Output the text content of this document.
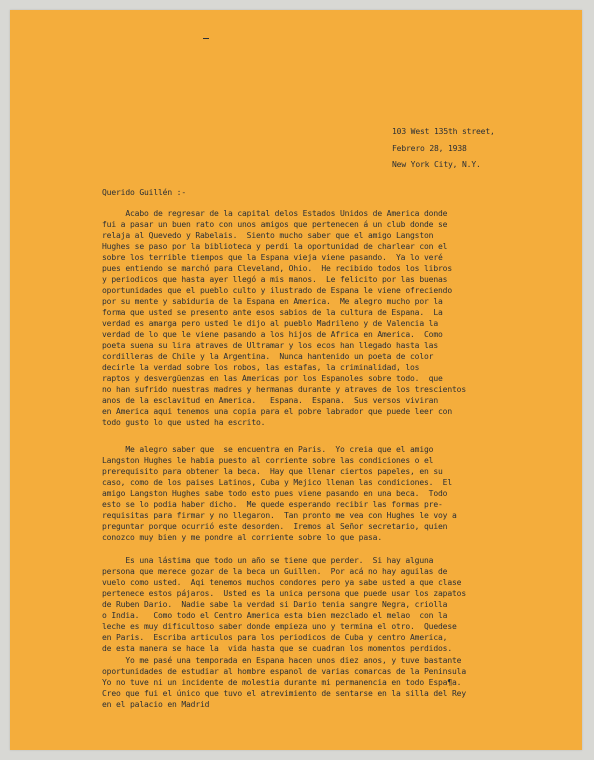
103 West 135th street,

New York City, N.Y.

Febrero 28, 1938
Querido Guillén :-
Acabo de regresar de la capital delos Estados Unidos de America donde
fui a pasar un buen rato con unos amigos que pertenecen á un club donde se
relaja al Quevedo y Rabelais.  Siento mucho saber que el amigo Langston
Hughes se paso por la biblioteca y perdi la oportunidad de charlear con el
sobre los terrible tiempos que la Espana vieja viene pasando.  Ya lo veré
pues entiendo se marchó para Cleveland, Ohio.  He recibido todos los libros
y periodicos que hasta ayer llegó a mis manos.  Le felicito por las buenas
oportunidades que el pueblo culto y ilustrado de Espana le viene ofreciendo
por su mente y sabiduria de la Espana en America.  Me alegro mucho por la
forma que usted se presento ante esos sabios de la cultura de Espana.  La
verdad es amarga pero usted le dijo al pueblo Madrileno y de Valencia la
verdad de lo que le viene pasando a los hijos de Africa en America.  Como
poeta suena su lira atraves de Ultramar y los ecos han llegado hasta las
cordilleras de Chile y la Argentina.  Nunca hantenido un poeta de color
decirle la verdad sobre los robos, las estafas, la criminalidad, los
raptos y desvergüenzas en las Americas por los Espanoles sobre todo.  que
no han sufrido nuestras madres y hermanas durante y atraves de los trescientos
anos de la esclavitud en America.   Espana.  Espana.  Sus versos viviran
en America aqui tenemos una copia para el pobre labrador que puede leer con
todo gusto lo que usted ha escrito.
Me alegro saber que  se encuentra en Paris.  Yo creia que el amigo
Langston Hughes le habia puesto al corriente sobre las condiciones o el
prerequisito para obtener la beca.  Hay que llenar ciertos papeles, en su
caso, como de los paises Latinos, Cuba y Mejico llenan las condiciones.  El
amigo Langston Hughes sabe todo esto pues viene pasando en una beca.  Todo
esto se lo podia haber dicho.  Me quede esperando recibir las formas pre-
requisitas para firmar y no llegaron.  Tan pronto me vea con Hughes le voy a
preguntar porque ocurrió este desorden.  Iremos al Señor secretario, quien
conozco muy bien y me pondre al corriente sobre lo que pasa.
Es una lástima que todo un año se tiene que perder.  Si hay alguna
persona que merece gozar de la beca un Guillen.  Por acá no hay aguilas de
vuelo como usted.  Aqi tenemos muchos condores pero ya sabe usted a que clase
pertenece estos pájaros.  Usted es la unica persona que puede usar los zapatos
de Ruben Dario.  Nadie sabe la verdad si Dario tenia sangre Negra, criolla
o India.   Como todo el Centro America esta bien mezclado el melao  con la
leche es muy dificultoso saber donde empieza uno y termina el otro.  Quedese
en Paris.  Escriba articulos para los periodicos de Cuba y centro America,
de esta manera se hace la  vida hasta que se cuadran los momentos perdidos.
Yo me pasé una temporada en Espana hacen unos diez anos, y tuve bastante
oportunidades de estudiar al hombre espanol de varias comarcas de la Peninsula
Yo no tuve ni un incidente de molestia durante mi permanencia en todo Espa¶a.
Creo que fui el único que tuvo el atrevimiento de sentarse en la silla del Rey
en el palacio en Madrid
